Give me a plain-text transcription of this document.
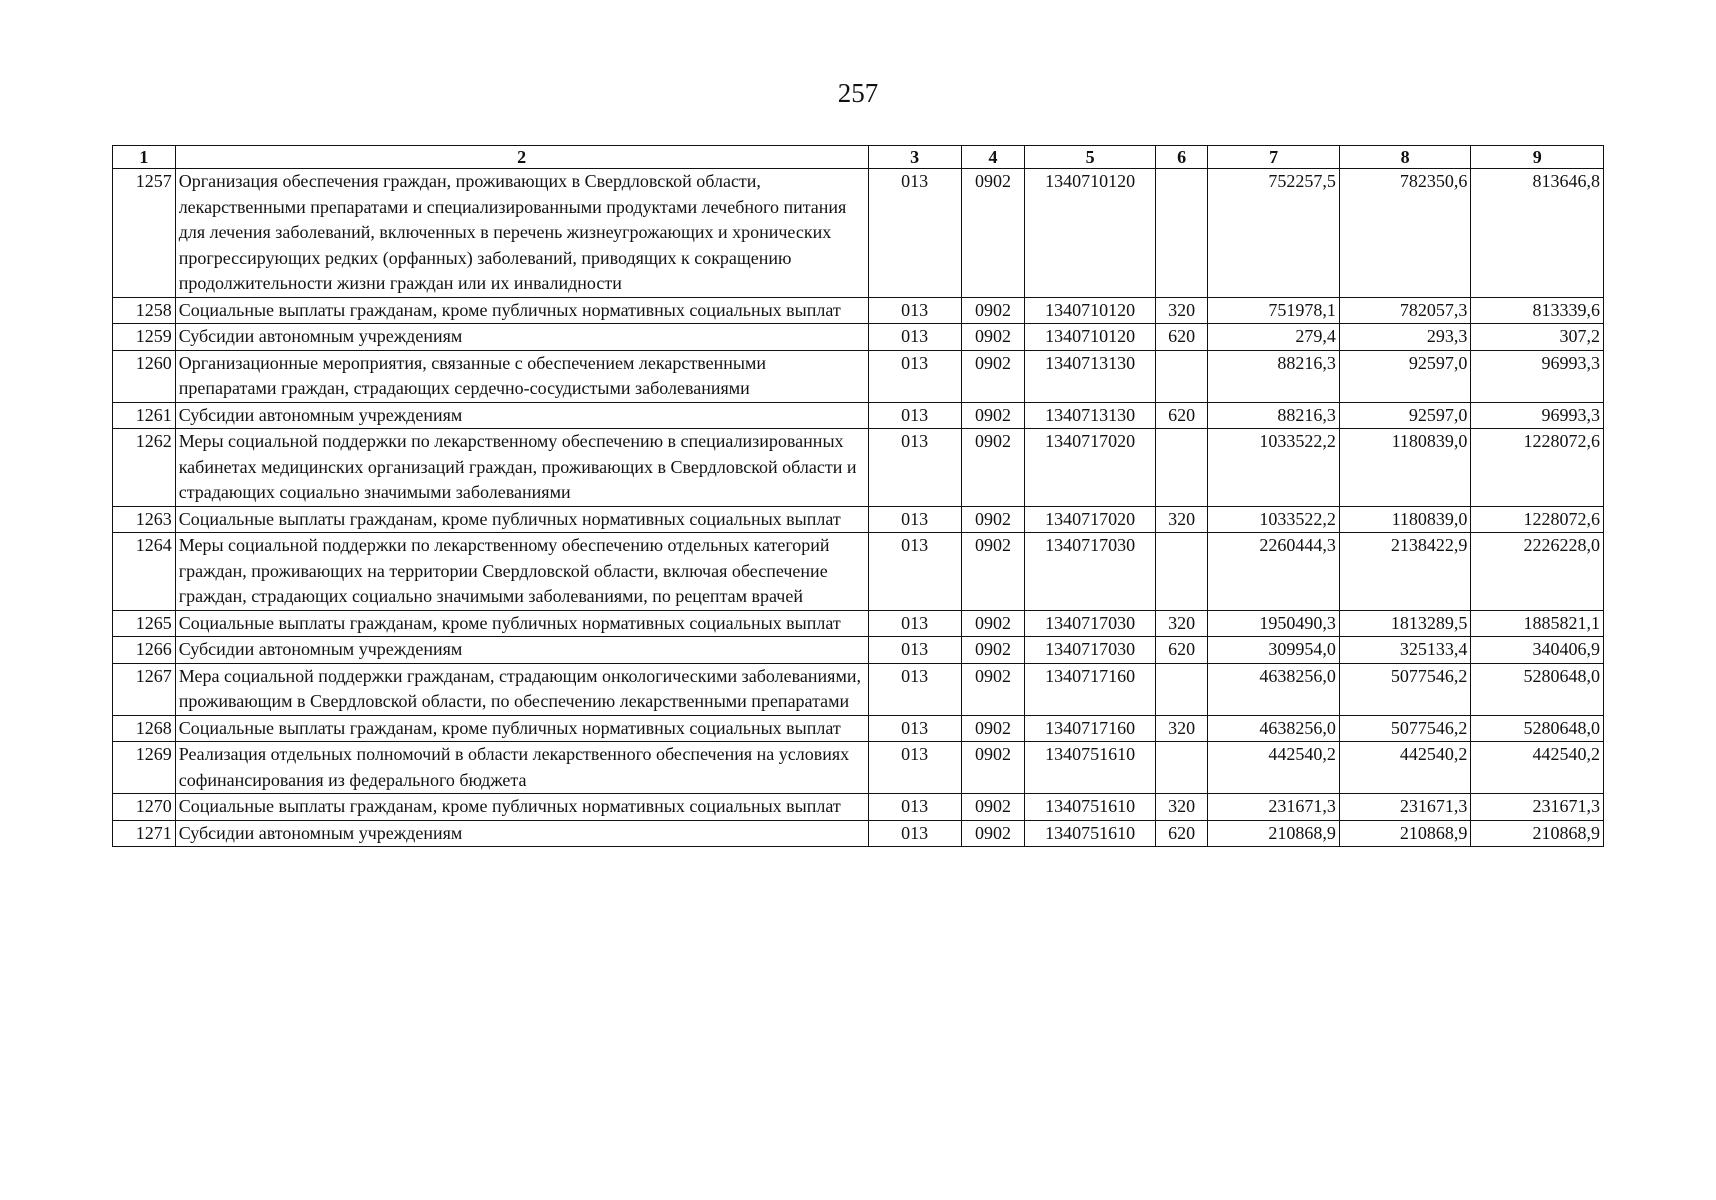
257
1	2	3	4	5	6	7	8	9
1257	Организация обеспечения граждан, проживающих в Свердловской области, лекарственными препаратами и специализированными продуктами лечебного питания для лечения заболеваний, включенных в перечень жизнеугрожающих и хронических прогрессирующих редких (орфанных) заболеваний, приводящих к сокращению продолжительности жизни граждан или их инвалидности	013	0902	1340710120		752257,5	782350,6	813646,8
1258	Социальные выплаты гражданам, кроме публичных нормативных социальных выплат	013	0902	1340710120	320	751978,1	782057,3	813339,6
1259	Субсидии автономным учреждениям	013	0902	1340710120	620	279,4	293,3	307,2
1260	Организационные мероприятия, связанные с обеспечением лекарственными препаратами граждан, страдающих сердечно-сосудистыми заболеваниями	013	0902	1340713130		88216,3	92597,0	96993,3
1261	Субсидии автономным учреждениям	013	0902	1340713130	620	88216,3	92597,0	96993,3
1262	Меры социальной поддержки по лекарственному обеспечению в специализированных кабинетах медицинских организаций граждан, проживающих в Свердловской области и страдающих социально значимыми заболеваниями	013	0902	1340717020		1033522,2	1180839,0	1228072,6
1263	Социальные выплаты гражданам, кроме публичных нормативных социальных выплат	013	0902	1340717020	320	1033522,2	1180839,0	1228072,6
1264	Меры социальной поддержки по лекарственному обеспечению отдельных категорий граждан, проживающих на территории Свердловской области, включая обеспечение граждан, страдающих социально значимыми заболеваниями, по рецептам врачей	013	0902	1340717030		2260444,3	2138422,9	2226228,0
1265	Социальные выплаты гражданам, кроме публичных нормативных социальных выплат	013	0902	1340717030	320	1950490,3	1813289,5	1885821,1
1266	Субсидии автономным учреждениям	013	0902	1340717030	620	309954,0	325133,4	340406,9
1267	Мера социальной поддержки гражданам, страдающим онкологическими заболеваниями, проживающим в Свердловской области, по обеспечению лекарственными препаратами	013	0902	1340717160		4638256,0	5077546,2	5280648,0
1268	Социальные выплаты гражданам, кроме публичных нормативных социальных выплат	013	0902	1340717160	320	4638256,0	5077546,2	5280648,0
1269	Реализация отдельных полномочий в области лекарственного обеспечения на условиях софинансирования из федерального бюджета	013	0902	1340751610		442540,2	442540,2	442540,2
1270	Социальные выплаты гражданам, кроме публичных нормативных социальных выплат	013	0902	1340751610	320	231671,3	231671,3	231671,3
1271	Субсидии автономным учреждениям	013	0902	1340751610	620	210868,9	210868,9	210868,9
